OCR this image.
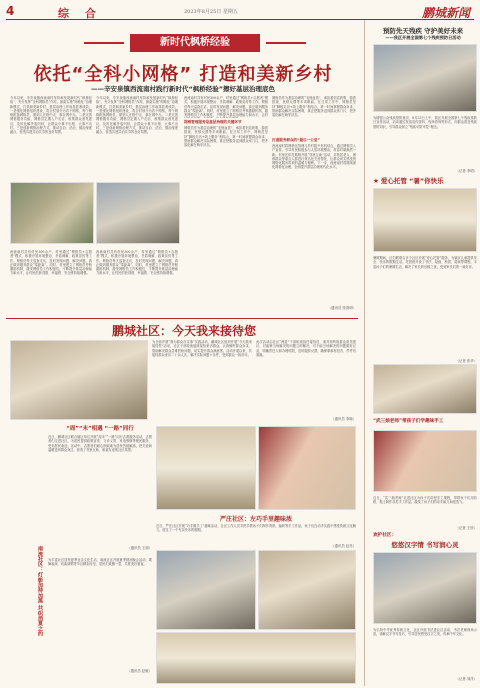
4	综 合	2023年8月25日 星期五	鹏城新闻
新时代枫桥经验
依托“全科小网格” 打造和美新乡村
——辛安泉镇西流南村践行新时代“枫桥经验”擦好基层治理底色
今年以来，辛安泉镇西流南村坚持和发展新时代“枫桥经验”，充分发挥“全科网格员”作用，探索实施“网格化”治理新模式，打造和美新乡村，基层治理工作取得显著成效。一是强化网格组织建设，将全村划分为若干网格，每个网格配备网格员，做到人在格中走、事在网中办。二是完善网格服务功能，网格员定期入户走访，收集群众意见建议，及时化解矛盾纠纷，让群众小事不出格、大事不出村。三是创新网格治理方式，推动自治、法治、德治深度融合，营造共建共治共享的良好氛围。
西流南村共有村民300余户，村里通过“网格员+志愿者”模式，积极开展环境整治、矛盾调解、政策宣传等工作。网格员每天巡查走访，及时发现问题、解决问题，真正做到服务群众“零距离”。同时，村里建立了网格员考核激励机制，激发网格员工作积极性，不断提升基层治理能力和水平，让村民的获得感、幸福感、安全感持续增强。
今年以来，辛安泉镇西流南村坚持和发展新时代“枫桥经验”，充分发挥“全科网格员”作用，探索实施“网格化”治理新模式，打造和美新乡村，基层治理工作取得显著成效。一是强化网格组织建设，将全村划分为若干网格，每个网格配备网格员，做到人在格中走、事在网中办。二是完善网格服务功能，网格员定期入户走访，收集群众意见建议，及时化解矛盾纠纷，让群众小事不出格、大事不出村。三是创新网格治理方式，推动自治、法治、德治深度融合，营造共建共治共享的良好氛围。
西流南村共有村民300余户，村里通过“网格员+志愿者”模式，积极开展环境整治、矛盾调解、政策宣传等工作。网格员每天巡查走访，及时发现问题、解决问题，真正做到服务群众“零距离”。同时，村里建立了网格员考核激励机制，激发网格员工作积极性，不断提升基层治理能力和水平，让村民的获得感、幸福感、安全感持续增强。
西流南村共有村民300余户，村里通过“网格员+志愿者”模式，积极开展环境整治、矛盾调解、政策宣传等工作。网格员每天巡查走访，及时发现问题、解决问题，真正做到服务群众“零距离”。同时，村里建立了网格员考核激励机制，激发网格员工作积极性，不断提升基层治理能力和水平，让村
网格管理服务是基层治理的关键环节
网格员作为基层治理的“毛细血管”，承担着信息收集、隐患排查、民情反馈等多项职能。在日常工作中，网格员坚持“脚板走访+线上服务”相结合，第一时间掌握群众诉求，帮助群众解决实际困难，真正把服务送到群众家门口，把矛盾化解在萌芽状态。
网格员作为基层治理的“毛细血管”，承担着信息收集、隐患排查、民情反馈等多项职能。在日常工作中，网格员坚持“脚板走访+线上服务”相结合，第一时间掌握群众诉求，帮助群众解决实际困难，真正把服务送到群众家门口，把矛盾化解在萌芽状态。
打通服务群众的“最后一公里”
西流南村将网格化管理与乡村振兴有机结合，通过网格员入户宣传，引导村民积极参与人居环境整治，村容村貌焕然一新。村里还依托网格开展“邻里互助”活动，对独居老人、困难群众等重点人群进行常态化关爱帮扶，让群众切实感受到网格化服务带来的温暖与便利。下一步，西流南村将继续深化网格化治理，全面提升基层治理现代化水平。
（通讯员 张善明）
鹏城社区：今天我来接待您
为全面开展“我为群众办实事”实践活动，鹏城社区组织开展“今天我来接待您”活动，社区干部轮流值班接待来访群众，认真倾听群众诉求，帮助解决群众急难愁盼问题，切实提升群众满意度。活动开展以来，共接待群众来访二十余人次，解决实际问题十余件，受到群众一致好评。
此次活动由社区“两委”干部轮流担任接待员，面对面听取群众意见建议，对能够当场解决的问题立即解决，对不能当场解决的问题做好记录，明确责任人和办理时限，及时跟踪反馈，确保事事有回音、件件有着落。
（通讯员 李晓）
“周”“末”相遇 “一路”同行
近日，鹏城社区联合辖区单位开展“周末”“一路”同行志愿服务活动，志愿者们走进社区，为居民提供政策宣传、义诊义剪、家电维修等便民服务，受到居民欢迎。活动中，志愿者们耐心细致地为居民答疑解惑，把关爱和温暖送到群众身边，营造了邻里互助、和谐友爱的社区氛围。
（通讯员 王丽）
南流社区：灯影加持加黑 共织消夏之约	为丰富社区居民夏季业余文化生活，南流社区开展夏季纳凉晚会活动，歌舞表演、戏曲演唱等节目精彩纷呈，居民们欢聚一堂，共度美好夏夜。
（通讯员 赵敏）
严庄社区：左巧手里趣味浓
近日，严庄社区开展“巧手做手工”趣味活动，社区工作人员手把手教孩子们制作剪纸、编织等手工作品，孩子们在动手实践中感受传统文化魅力，度过了一个充实快乐的假期。
（通讯员 赵亮）
预防先天残疾 守护美好未来
——我区开展全国第七个残疾预防日活动
为增强公众残疾预防意识，8月25日上午，我区开展全国第七个残疾预防日宣传活动，活动通过发放宣传资料、现场咨询等形式，向群众普及残疾预防知识，引导群众树立“残疾可防可控”理念。
（记者 李明）
★ 爱心托管 “暑”你快乐
暑假期间，区妇联联合多个社区开展“爱心托管”服务，为辖区儿童提供安全、快乐的假期生活。托管班开设了书法、绘画、科普、阅读等课程，丰富孩子们的暑期生活，解决了家长的后顾之忧，受到家长们的一致好评。
（记者 张华）
“武三娘老师”带孩子们学趣味手工
近日，“武三娘老师”走进社区为孩子们讲授手工课程，带领孩子们用彩纸、黏土制作各类手工作品，激发了孩子们的动手能力和创造力。
（记者 王欣）
欢护社区：
悠悠汉字情 书写润心灵
为弘扬中华优秀传统文化，社区开展书法进社区活动，书法老师现场示范，讲解汉字书写技巧，引导居民感受汉字之美，传承中华文化。
（记者 刘洋）
